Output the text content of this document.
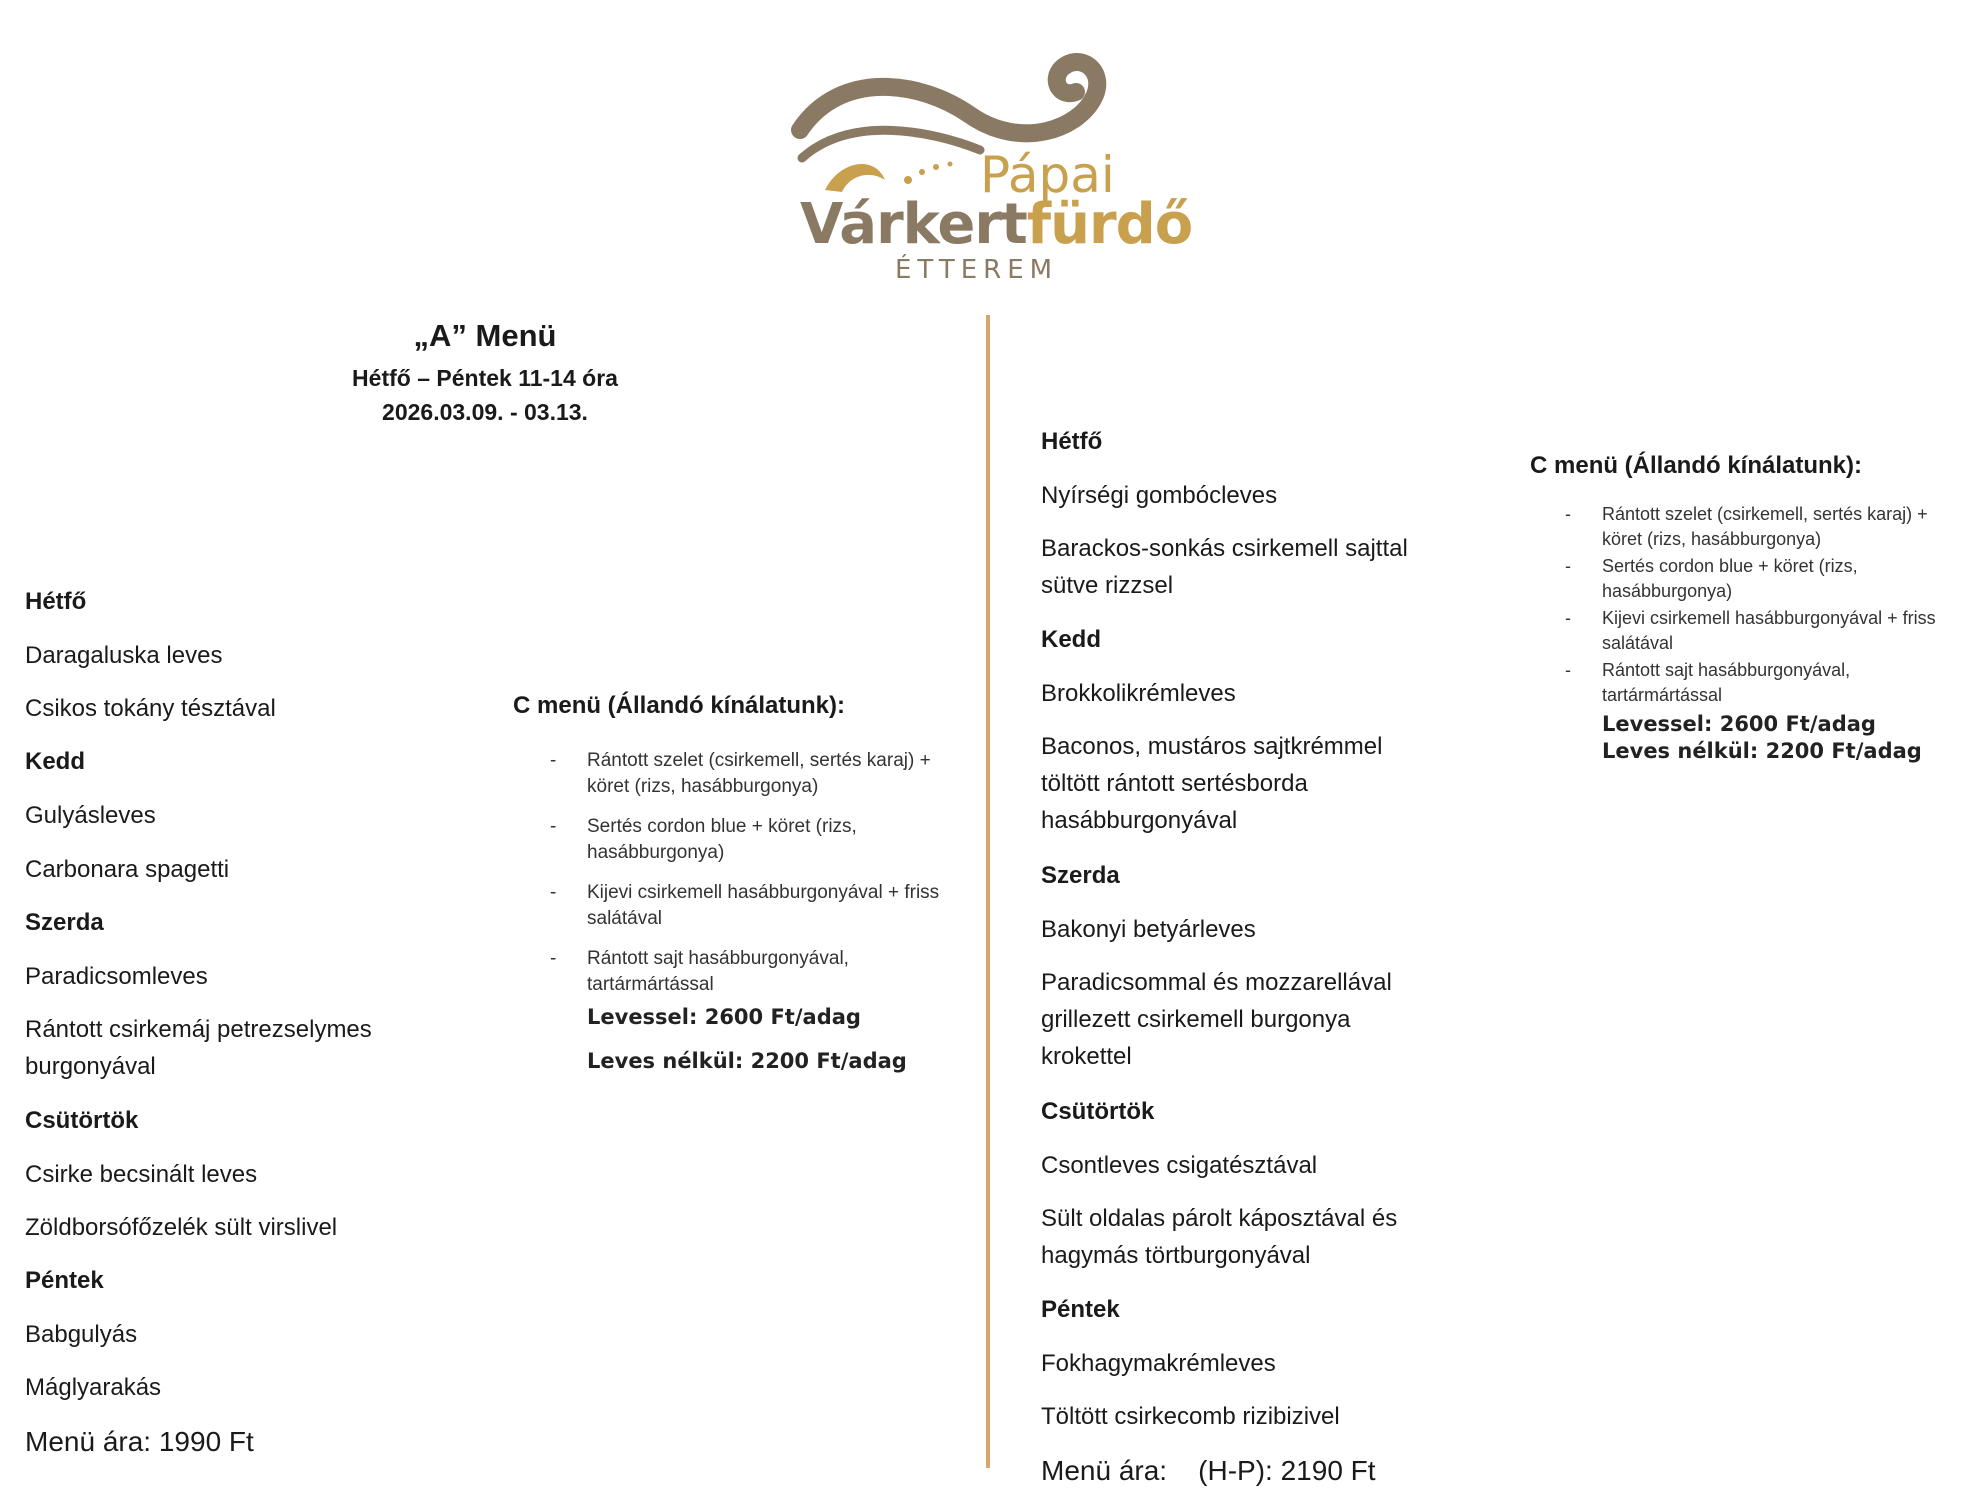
Pápai
Várkertfürdő
ÉTTEREM
„A” Menü
Hétfő – Péntek 11-14 óra
2026.03.09. - 03.13.
Hétfő
Daragaluska leves
Csikos tokány tésztával
Kedd
Gulyásleves
Carbonara spagetti
Szerda
Paradicsomleves
Rántott csirkemáj petrezselymes burgonyával
Csütörtök
Csirke becsinált leves
Zöldborsófőzelék sült virslivel
Péntek
Babgulyás
Máglyarakás
Menü ára: 1990 Ft
C menü (Állandó kínálatunk):
-	Rántott szelet (csirkemell, sertés karaj) + köret (rizs, hasábburgonya)
-	Sertés cordon blue + köret (rizs, hasábburgonya)
-	Kijevi csirkemell hasábburgonyával + friss salátával
-	Rántott sajt hasábburgonyával, tartármártással
Levessel: 2600 Ft/adag
Leves nélkül: 2200 Ft/adag
Hétfő
Nyírségi gombócleves
Barackos-sonkás csirkemell sajttal sütve rizzsel
Kedd
Brokkolikrémleves
Baconos, mustáros sajtkrémmel töltött rántott sertésborda hasábburgonyával
Szerda
Bakonyi betyárleves
Paradicsommal és mozzarellával grillezett csirkemell burgonya krokettel
Csütörtök
Csontleves csigatésztával
Sült oldalas párolt káposztával és hagymás törtburgonyával
Péntek
Fokhagymakrémleves
Töltött csirkecomb rizibizivel
Menü ára:    (H-P): 2190 Ft
C menü (Állandó kínálatunk):
-	Rántott szelet (csirkemell, sertés karaj) + köret (rizs, hasábburgonya)
-	Sertés cordon blue + köret (rizs, hasábburgonya)
-	Kijevi csirkemell hasábburgonyával + friss salátával
-	Rántott sajt hasábburgonyával, tartármártással
Levessel: 2600 Ft/adag
Leves nélkül: 2200 Ft/adag
